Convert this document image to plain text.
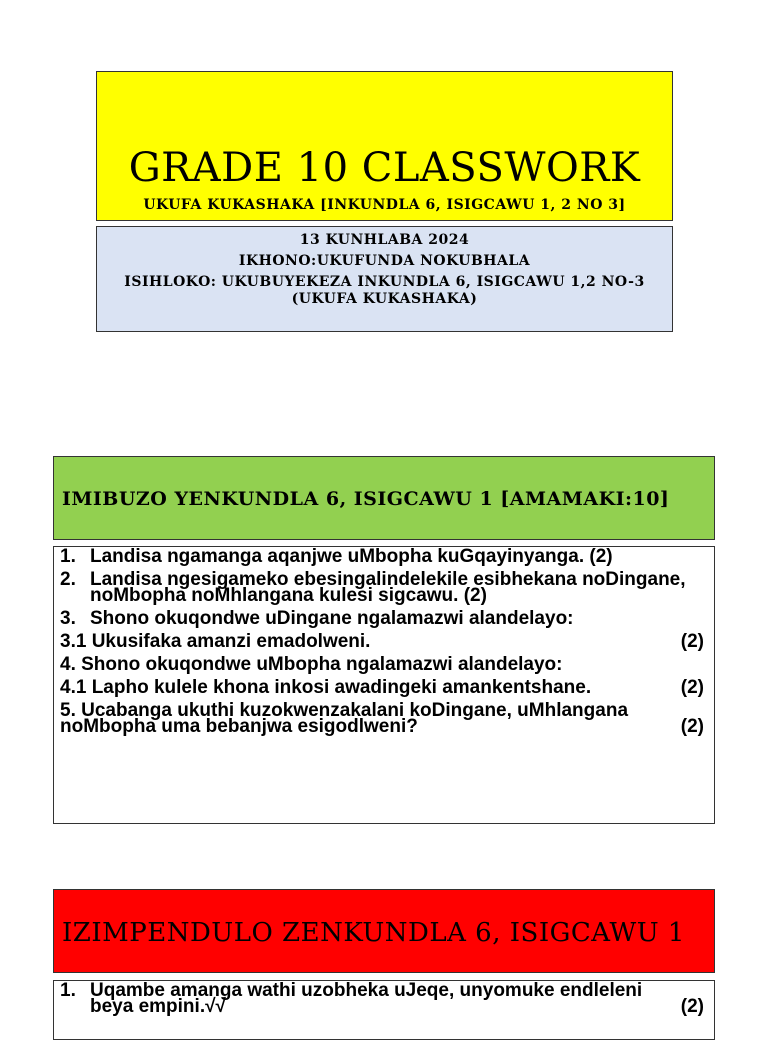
GRADE 10 CLASSWORK
UKUFA KUKASHAKA [INKUNDLA 6, ISIGCAWU 1, 2 NO 3]
13 KUNHLABA 2024
IKHONO:UKUFUNDA NOKUBHALA
ISIHLOKO: UKUBUYEKEZA INKUNDLA 6, ISIGCAWU 1,2 NO-3 (UKUFA KUKASHAKA)
IMIBUZO YENKUNDLA 6, ISIGCAWU 1 [AMAMAKI:10]
1. Landisa ngamanga aqanjwe uMbopha kuGqayinyanga. (2)
2. Landisa ngesigameko ebesingalindelekile esibhekana noDingane, noMbopha noMhlangana kulesi sigcawu. (2)
3. Shono okuqondwe uDingane ngalamazwi alandelayo:
3.1 Ukusifaka amanzi emadolweni.	(2)
4. Shono okuqondwe uMbopha ngalamazwi alandelayo:
4.1 Lapho kulele khona inkosi awadingeki amankentshane.	(2)
5. Ucabanga ukuthi kuzokwenzakalani koDingane, uMhlangana noMbopha uma bebanjwa esigodlweni?	(2)
IZIMPENDULO ZENKUNDLA 6, ISIGCAWU 1
1. Uqambe amanga wathi uzobheka uJeqe, unyomuke endleleni beya empini.√√	(2)
